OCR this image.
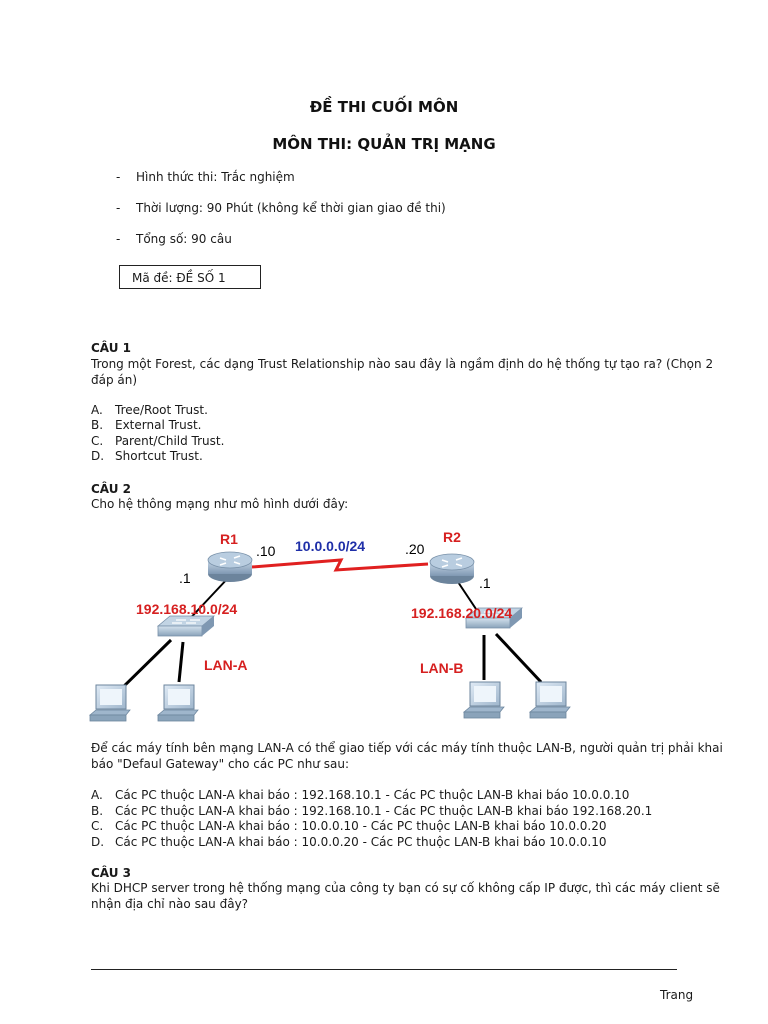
ĐỀ THI CUỐI MÔN
MÔN THI: QUẢN TRỊ MẠNG
- Hình thức thi: Trắc nghiệm
- Thời lượng: 90 Phút (không kể thời gian giao đề thi)
- Tổng số: 90 câu
Mã đề: ĐỀ SỐ 1
CÂU 1
Trong một Forest, các dạng Trust Relationship nào sau đây là ngầm định do hệ thống tự tạo ra? (Chọn 2
đáp án)
A. Tree/Root Trust.
B. External Trust.
C. Parent/Child Trust.
D. Shortcut Trust.
CÂU 2
Cho hệ thông mạng như mô hình dưới đây:
R1	R2
.10	.20
10.0.0.0/24
.1	.1
192.168.10.0/24	192.168.20.0/24
LAN-A	LAN-B
Để các máy tính bên mạng LAN-A có thể giao tiếp với các máy tính thuộc LAN-B, người quản trị phải khai
báo "Defaul Gateway" cho các PC như sau:
A. Các PC thuộc LAN-A khai báo : 192.168.10.1 - Các PC thuộc LAN-B khai báo 10.0.0.10
B. Các PC thuộc LAN-A khai báo : 192.168.10.1 - Các PC thuộc LAN-B khai báo 192.168.20.1
C. Các PC thuộc LAN-A khai báo : 10.0.0.10 - Các PC thuộc LAN-B khai báo 10.0.0.20
D. Các PC thuộc LAN-A khai báo : 10.0.0.20 - Các PC thuộc LAN-B khai báo 10.0.0.10
CÂU 3
Khi DHCP server trong hệ thống mạng của công ty bạn có sự cố không cấp IP được, thì các máy client sẽ
nhận địa chỉ nào sau đây?
Trang
